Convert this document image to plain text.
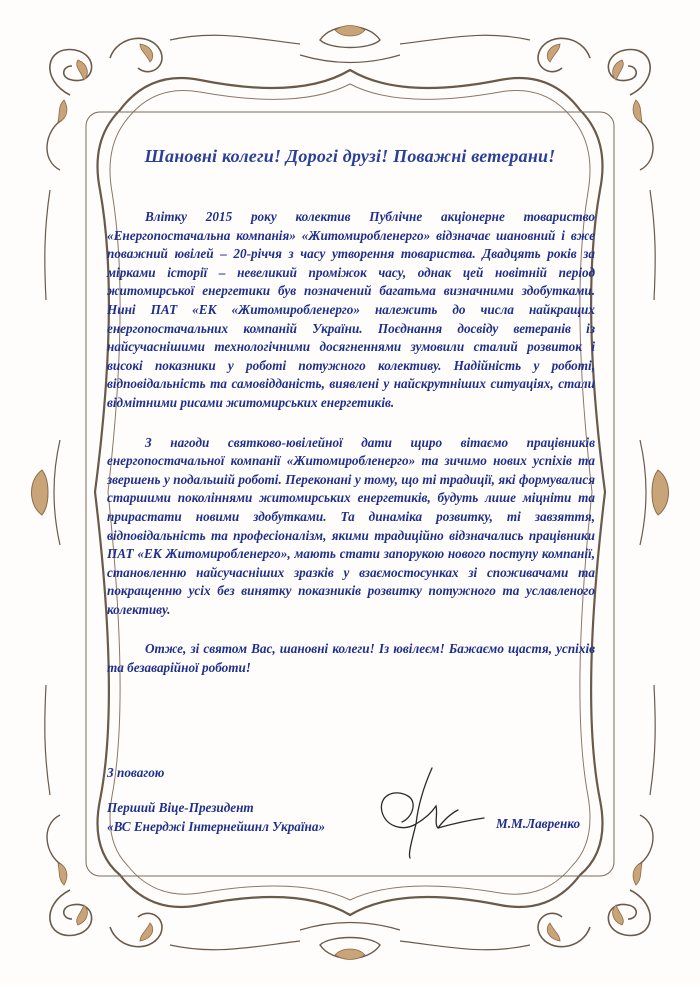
Шановні колеги! Дорогі друзі! Поважні ветерани!

Влітку 2015 року колектив Публічне акціонерне товариство «Енергопостачальна компанія» «Житомиробленерго» відзначає шановний і вже поважний ювілей – 20-річчя з часу утворення товариства. Двадцять років за мірками історії – невеликий проміжок часу, однак цей новітній період житомирської енергетики був позначений багатьма визначними здобутками. Нині ПАТ «ЕК «Житомиробленерго» належить до числа найкращих енергопостачальних компаній України. Поєднання досвіду ветеранів із найсучаснішими технологічними досягненнями зумовили сталий розвиток і високі показники у роботі потужного колективу. Надійність у роботі, відповідальність та самовідданість, виявлені у найскрутніших ситуаціях, стали відмітними рисами житомирських енергетиків.

З нагоди святково-ювілейної дати щиро вітаємо працівників енергопостачальної компанії «Житомиробленерго» та зичимо нових успіхів та звершень у подальшій роботі. Переконані у тому, що ті традиції, які формувалися старшими поколіннями житомирських енергетиків, будуть лише міцніти та прирастати новими здобутками. Та динаміка розвитку, ті завзяття, відповідальність та професіоналізм, якими традиційно відзначались працівники ПАТ «ЕК Житомиробленерго», мають стати запорукою нового поступу компанії, становленню найсучасніших зразків у взаємостосунках зі споживачами та покращенню усіх без винятку показників розвитку потужного та уславленого колективу.

Отже, зі святом Вас, шановні колеги! Із ювілеєм! Бажаємо щастя, успіхів та безаварійної роботи!

З повагою
Перший Віце-Президент
«ВС Енерджі Інтернейшнл Україна»	М.М.Лавренко
